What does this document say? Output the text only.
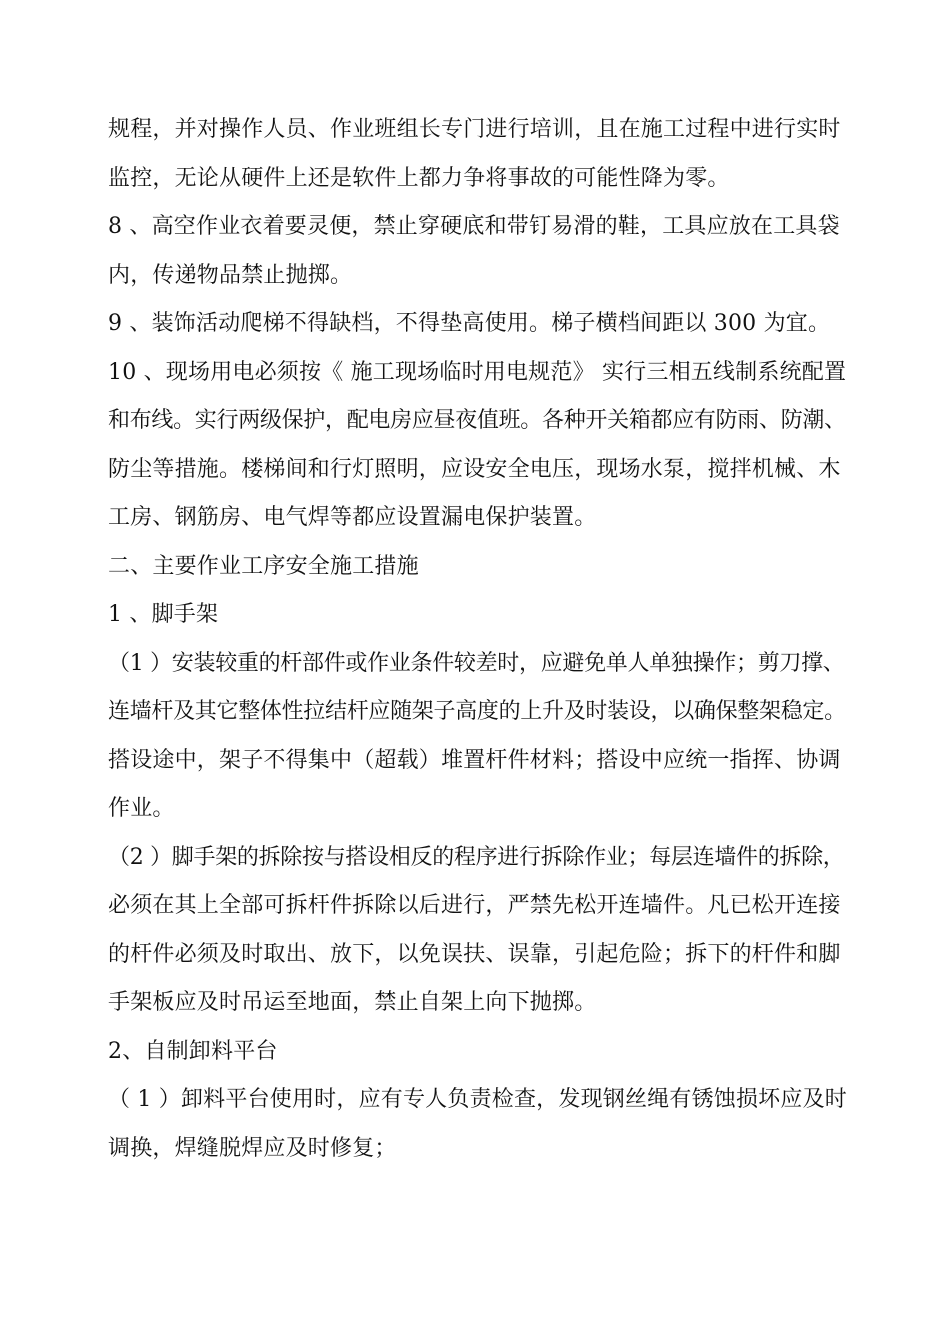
规程，并对操作人员、作业班组长专门进行培训，且在施工过程中进行实时
监控，无论从硬件上还是软件上都力争将事故的可能性降为零。
8 、高空作业衣着要灵便，禁止穿硬底和带钉易滑的鞋，工具应放在工具袋
内，传递物品禁止抛掷。
9 、装饰活动爬梯不得缺档，不得垫高使用。梯子横档间距以 300 为宜。
10 、现场用电必须按《 施工现场临时用电规范》 实行三相五线制系统配置
和布线。实行两级保护，配电房应昼夜值班。各种开关箱都应有防雨、防潮、
防尘等措施。楼梯间和行灯照明，应设安全电压，现场水泵，搅拌机械、木
工房、钢筋房、电气焊等都应设置漏电保护装置。
二、主要作业工序安全施工措施
1 、脚手架
（1 ）安装较重的杆部件或作业条件较差时，应避免单人单独操作；剪刀撑、
连墙杆及其它整体性拉结杆应随架子高度的上升及时装设，以确保整架稳定。
搭设途中，架子不得集中（超载）堆置杆件材料；搭设中应统一指挥、协调
作业。
（2 ）脚手架的拆除按与搭设相反的程序进行拆除作业；每层连墙件的拆除，
必须在其上全部可拆杆件拆除以后进行，严禁先松开连墙件。凡已松开连接
的杆件必须及时取出、放下，以免误扶、误靠，引起危险；拆下的杆件和脚
手架板应及时吊运至地面，禁止自架上向下抛掷。
2、自制卸料平台
（ 1 ）卸料平台使用时，应有专人负责检查，发现钢丝绳有锈蚀损坏应及时
调换，焊缝脱焊应及时修复；
